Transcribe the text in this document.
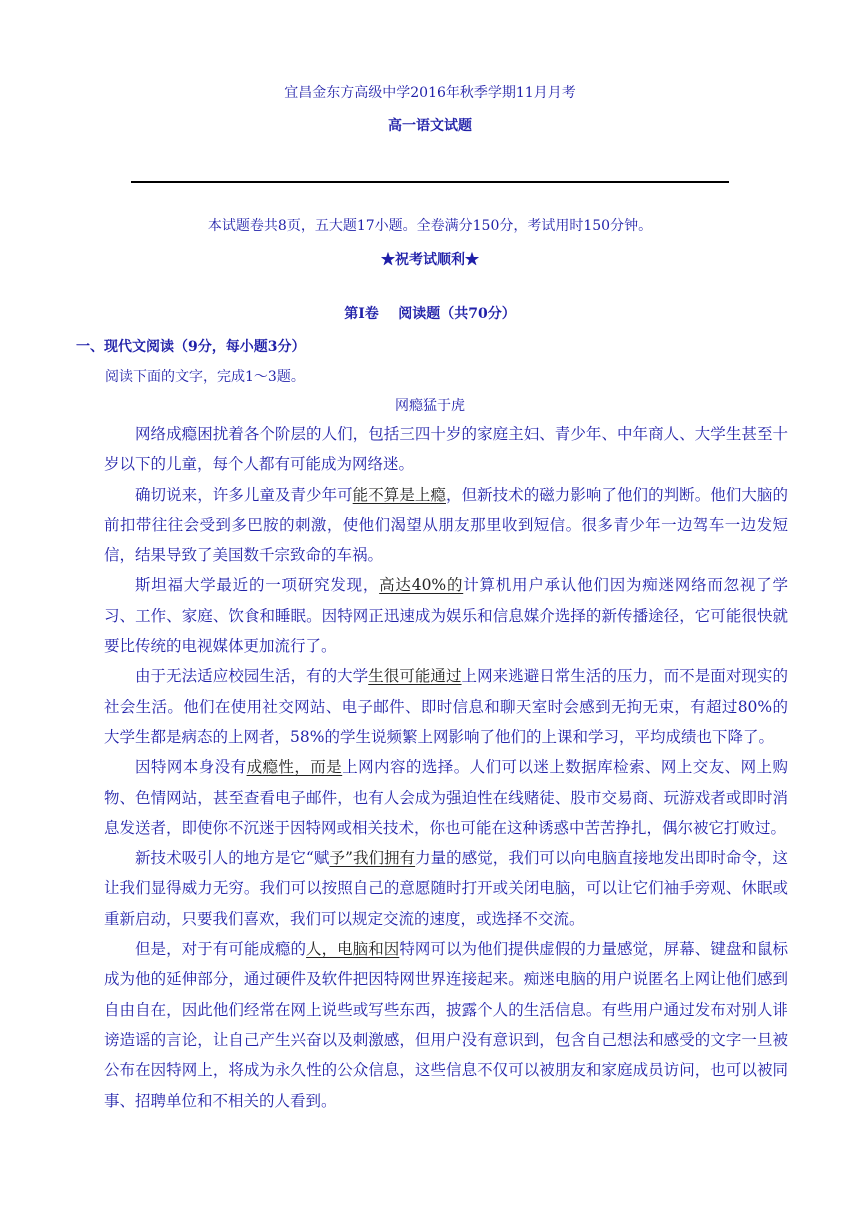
宜昌金东方高级中学2016年秋季学期11月月考
高一语文试题
本试题卷共8页，五大题17小题。全卷满分150分，考试用时150分钟。
★祝考试顺利★
第Ⅰ卷    阅读题（共70分）
一、现代文阅读（9分，每小题3分）
阅读下面的文字，完成1～3题。
网瘾猛于虎

网络成瘾困扰着各个阶层的人们，包括三四十岁的家庭主妇、青少年、中年商人、大学生甚至十岁以下的儿童，每个人都有可能成为网络迷。

确切说来，许多儿童及青少年可能不算是上瘾，但新技术的磁力影响了他们的判断。他们大脑的前扣带往往会受到多巴胺的刺激，使他们渴望从朋友那里收到短信。很多青少年一边驾车一边发短信，结果导致了美国数千宗致命的车祸。

斯坦福大学最近的一项研究发现，高达40%的计算机用户承认他们因为痴迷网络而忽视了学习、工作、家庭、饮食和睡眠。因特网正迅速成为娱乐和信息媒介选择的新传播途径，它可能很快就要比传统的电视媒体更加流行了。

由于无法适应校园生活，有的大学生很可能通过上网来逃避日常生活的压力，而不是面对现实的社会生活。他们在使用社交网站、电子邮件、即时信息和聊天室时会感到无拘无束，有超过80%的大学生都是病态的上网者，58%的学生说频繁上网影响了他们的上课和学习，平均成绩也下降了。

因特网本身没有成瘾性，而是上网内容的选择。人们可以迷上数据库检索、网上交友、网上购物、色情网站，甚至查看电子邮件，也有人会成为强迫性在线赌徒、股市交易商、玩游戏者或即时消息发送者，即使你不沉迷于因特网或相关技术，你也可能在这种诱惑中苦苦挣扎，偶尔被它打败过。

新技术吸引人的地方是它“赋予”我们拥有力量的感觉，我们可以向电脑直接地发出即时命令，这让我们显得威力无穷。我们可以按照自己的意愿随时打开或关闭电脑，可以让它们袖手旁观、休眠或重新启动，只要我们喜欢，我们可以规定交流的速度，或选择不交流。

但是，对于有可能成瘾的人，电脑和因特网可以为他们提供虚假的力量感觉，屏幕、键盘和鼠标成为他的延伸部分，通过硬件及软件把因特网世界连接起来。痴迷电脑的用户说匿名上网让他们感到自由自在，因此他们经常在网上说些或写些东西，披露个人的生活信息。有些用户通过发布对别人诽谤造谣的言论，让自己产生兴奋以及刺激感，但用户没有意识到，包含自己想法和感受的文字一旦被公布在因特网上，将成为永久性的公众信息，这些信息不仅可以被朋友和家庭成员访问，也可以被同事、招聘单位和不相关的人看到。
